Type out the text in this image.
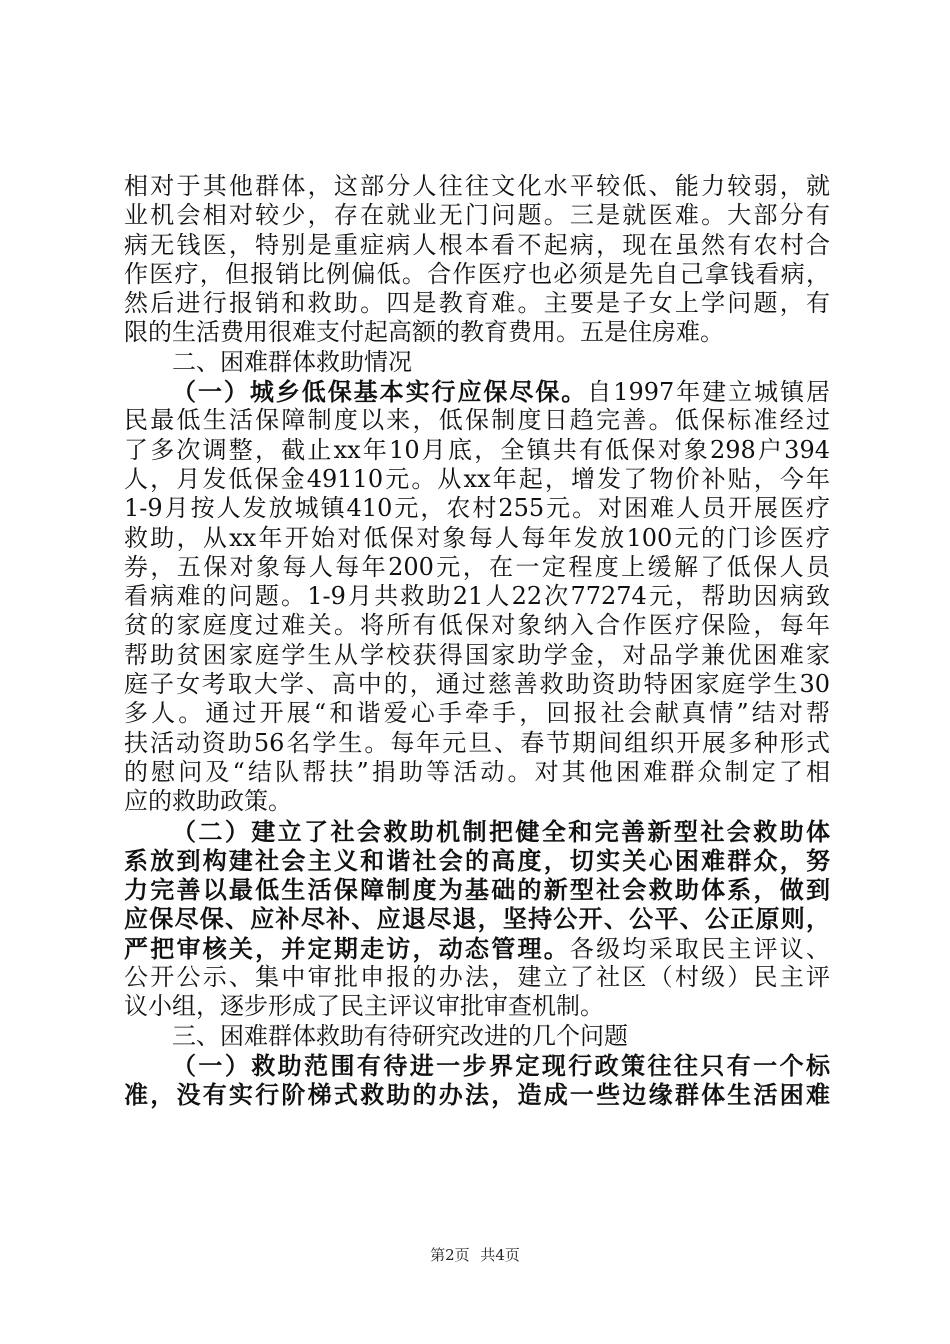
相对于其他群体，这部分人往往文化水平较低、能力较弱，就
业机会相对较少，存在就业无门问题。三是就医难。大部分有
病无钱医，特别是重症病人根本看不起病，现在虽然有农村合
作医疗，但报销比例偏低。合作医疗也必须是先自己拿钱看病，
然后进行报销和救助。四是教育难。主要是子女上学问题，有
限的生活费用很难支付起高额的教育费用。五是住房难。
二、困难群体救助情况
（一）城乡低保基本实行应保尽保。自1997年建立城镇居
民最低生活保障制度以来，低保制度日趋完善。低保标准经过
了多次调整，截止xx年10月底，全镇共有低保对象298户394
人，月发低保金49110元。从xx年起，增发了物价补贴，今年
1-9月按人发放城镇410元，农村255元。对困难人员开展医疗
救助，从xx年开始对低保对象每人每年发放100元的门诊医疗
券，五保对象每人每年200元，在一定程度上缓解了低保人员
看病难的问题。1-9月共救助21人22次77274元，帮助因病致
贫的家庭度过难关。将所有低保对象纳入合作医疗保险，每年
帮助贫困家庭学生从学校获得国家助学金，对品学兼优困难家
庭子女考取大学、高中的，通过慈善救助资助特困家庭学生30
多人。通过开展“和谐爱心手牵手，回报社会献真情”结对帮
扶活动资助56名学生。每年元旦、春节期间组织开展多种形式
的慰问及“结队帮扶”捐助等活动。对其他困难群众制定了相
应的救助政策。
（二）建立了社会救助机制把健全和完善新型社会救助体
系放到构建社会主义和谐社会的高度，切实关心困难群众，努
力完善以最低生活保障制度为基础的新型社会救助体系，做到
应保尽保、应补尽补、应退尽退，坚持公开、公平、公正原则，
严把审核关，并定期走访，动态管理。各级均采取民主评议、
公开公示、集中审批申报的办法，建立了社区（村级）民主评
议小组，逐步形成了民主评议审批审查机制。
三、困难群体救助有待研究改进的几个问题
（一）救助范围有待进一步界定现行政策往往只有一个标
准，没有实行阶梯式救助的办法，造成一些边缘群体生活困难
第2页 共4页
